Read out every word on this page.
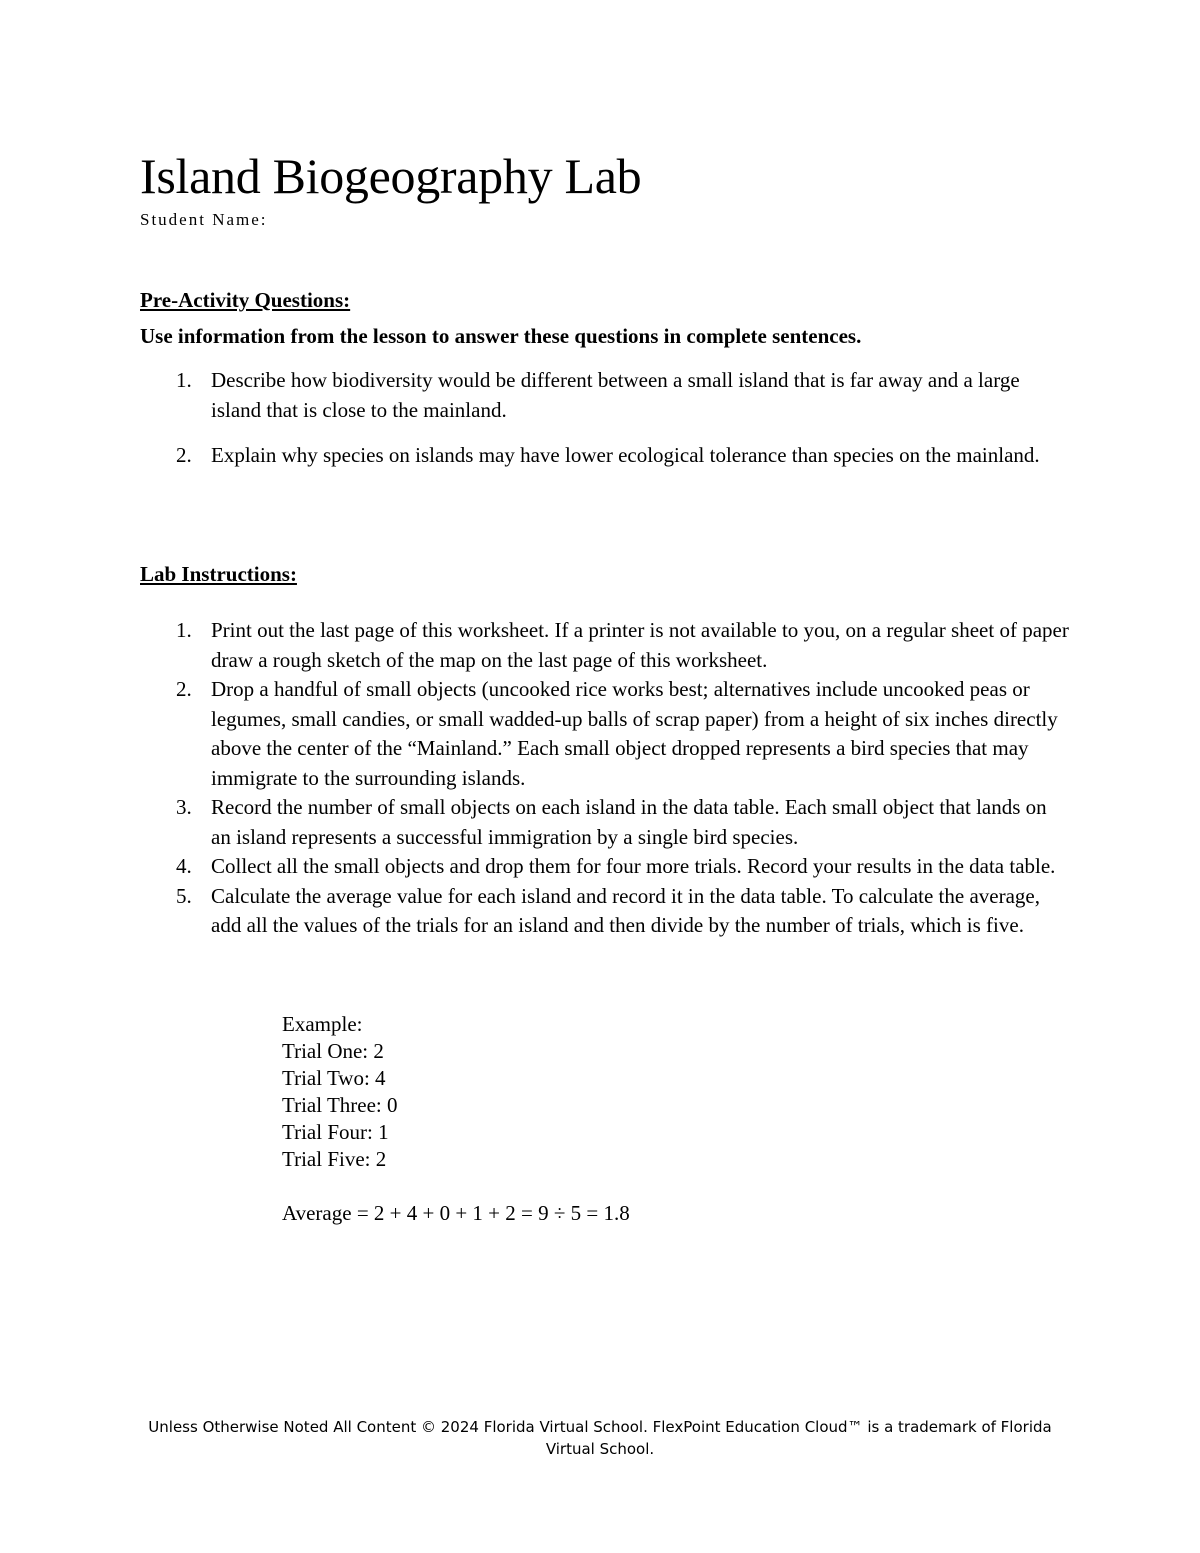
Island Biogeography Lab
Student Name:
Pre-Activity Questions:
Use information from the lesson to answer these questions in complete sentences.
1. Describe how biodiversity would be different between a small island that is far away and a large island that is close to the mainland.
2. Explain why species on islands may have lower ecological tolerance than species on the mainland.
Lab Instructions:
1. Print out the last page of this worksheet. If a printer is not available to you, on a regular sheet of paper draw a rough sketch of the map on the last page of this worksheet.
2. Drop a handful of small objects (uncooked rice works best; alternatives include uncooked peas or legumes, small candies, or small wadded-up balls of scrap paper) from a height of six inches directly above the center of the “Mainland.” Each small object dropped represents a bird species that may immigrate to the surrounding islands.
3. Record the number of small objects on each island in the data table. Each small object that lands on an island represents a successful immigration by a single bird species.
4. Collect all the small objects and drop them for four more trials. Record your results in the data table.
5. Calculate the average value for each island and record it in the data table. To calculate the average, add all the values of the trials for an island and then divide by the number of trials, which is five.
Example:
Trial One: 2
Trial Two: 4
Trial Three: 0
Trial Four: 1
Trial Five: 2
Average = 2 + 4 + 0 + 1 + 2 = 9 ÷ 5 = 1.8
Unless Otherwise Noted All Content © 2024 Florida Virtual School. FlexPoint Education Cloud™ is a trademark of Florida
Virtual School.
